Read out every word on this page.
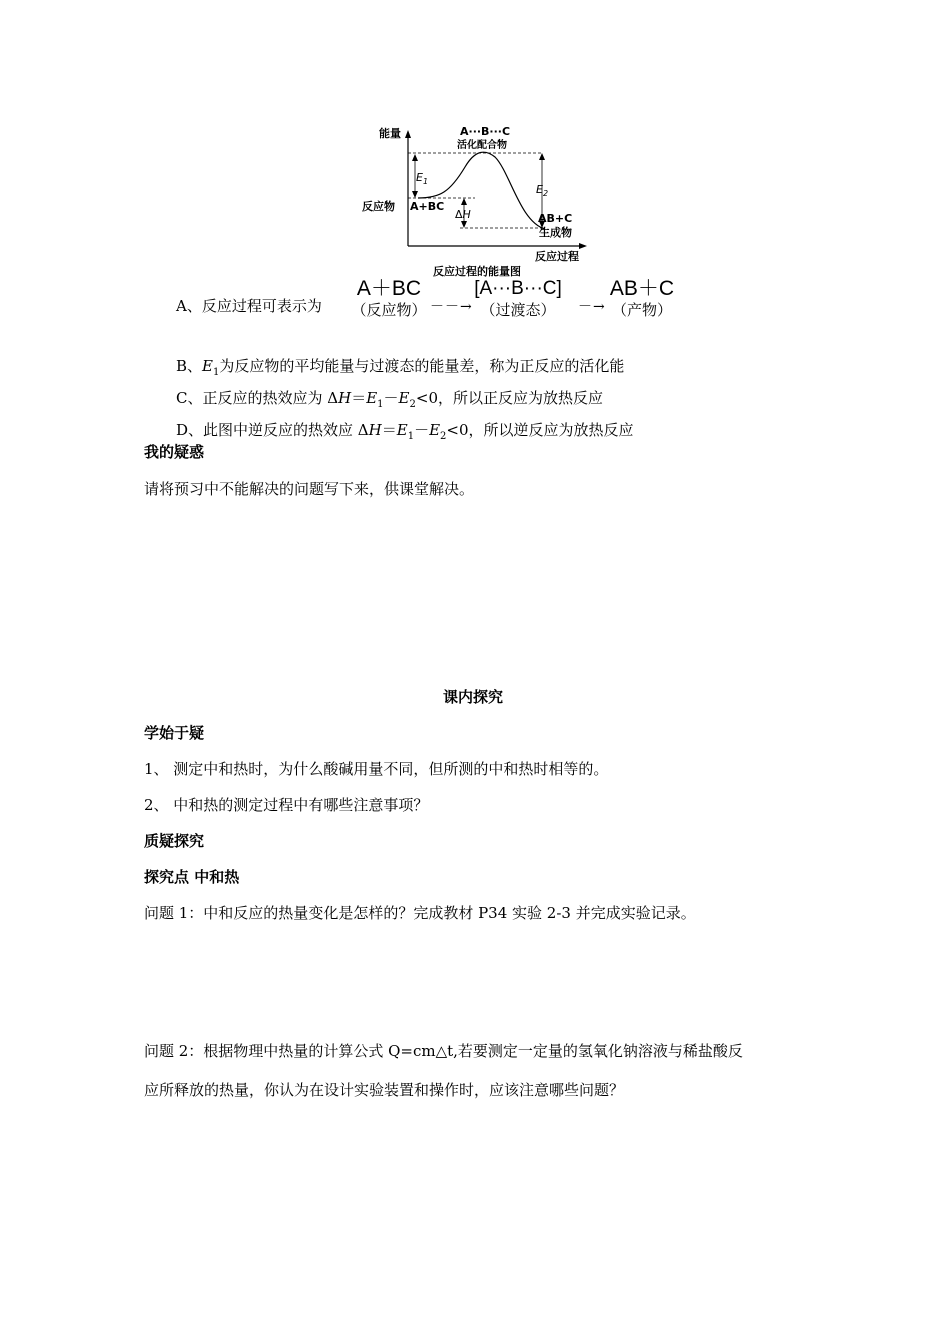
能量	A···B···C
活化配合物
反应物 A+BC
AB+C
生成物
反应过程
$E_1$
$E_2$
ΔH
反应过程的能量图
A、反应过程可表示为
A＋BC
（反应物） －－→
[A···B···C]
（过渡态）	－→
AB＋C
（产物）
B、$E_1$为反应物的平均能量与过渡态的能量差，称为正反应的活化能
C、正反应的热效应为 $\Delta H=E_1-E_2<0$，所以正反应为放热反应
D、此图中逆反应的热效应 $\Delta H=E_1-E_2<0$，所以逆反应为放热反应
我的疑惑
请将预习中不能解决的问题写下来，供课堂解决。
课内探究
学始于疑
1、 测定中和热时，为什么酸碱用量不同，但所测的中和热时相等的。
2、 中和热的测定过程中有哪些注意事项？
质疑探究
探究点 中和热
问题 1：中和反应的热量变化是怎样的？完成教材 P34 实验 2-3 并完成实验记录。
问题 2：根据物理中热量的计算公式 Q=cm△t,若要测定一定量的氢氧化钠溶液与稀盐酸反
应所释放的热量，你认为在设计实验装置和操作时，应该注意哪些问题？
